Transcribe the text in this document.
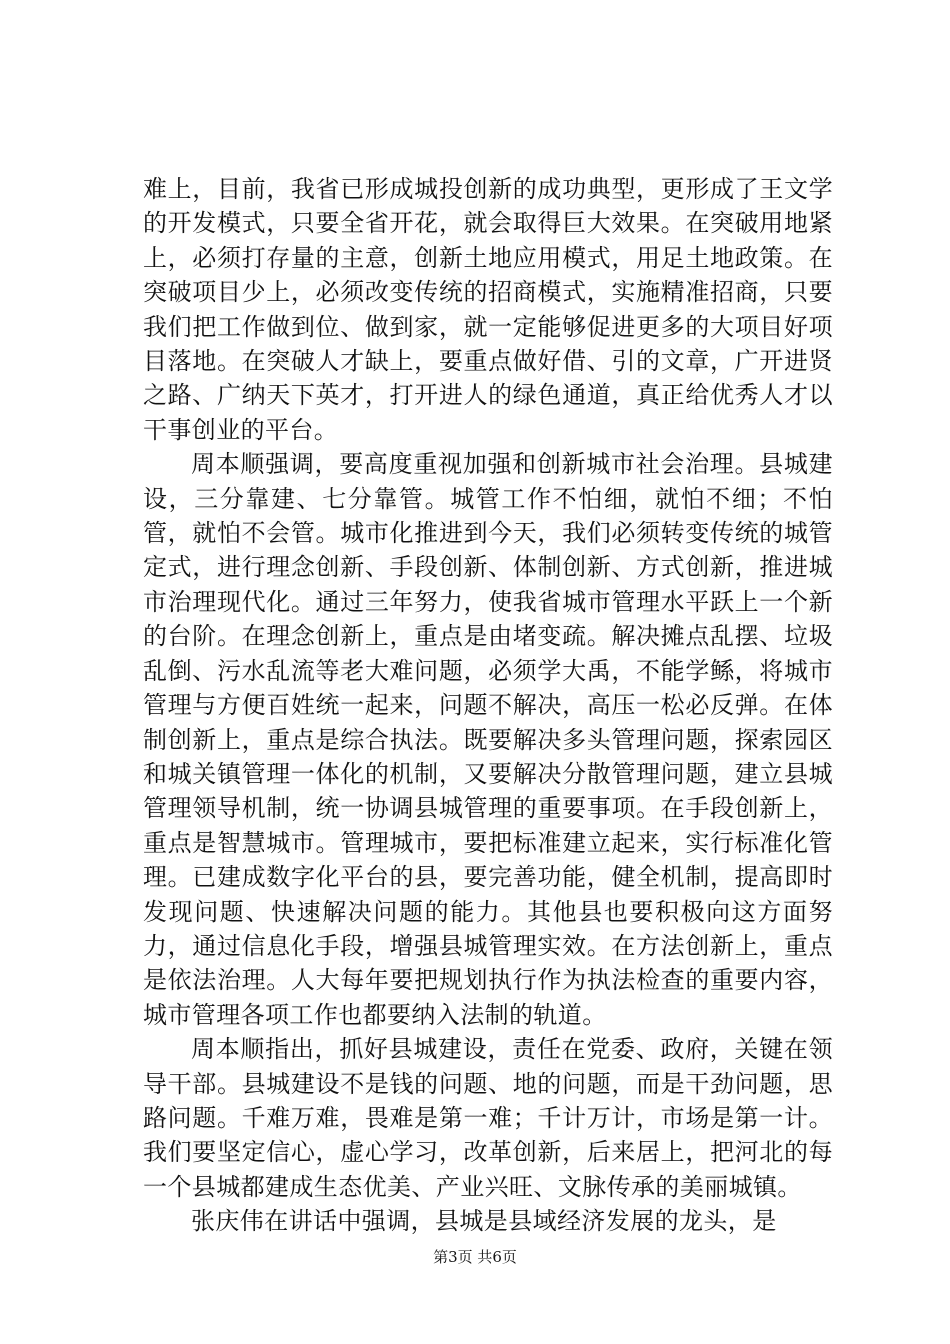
难上，目前，我省已形成城投创新的成功典型，更形成了王文学的开发模式，只要全省开花，就会取得巨大效果。在突破用地紧上，必须打存量的主意，创新土地应用模式，用足土地政策。在突破项目少上，必须改变传统的招商模式，实施精准招商，只要我们把工作做到位、做到家，就一定能够促进更多的大项目好项目落地。在突破人才缺上，要重点做好借、引的文章，广开进贤之路、广纳天下英才，打开进人的绿色通道，真正给优秀人才以干事创业的平台。

周本顺强调，要高度重视加强和创新城市社会治理。县城建设，三分靠建、七分靠管。城管工作不怕细，就怕不细；不怕管，就怕不会管。城市化推进到今天，我们必须转变传统的城管定式，进行理念创新、手段创新、体制创新、方式创新，推进城市治理现代化。通过三年努力，使我省城市管理水平跃上一个新的台阶。在理念创新上，重点是由堵变疏。解决摊点乱摆、垃圾乱倒、污水乱流等老大难问题，必须学大禹，不能学鲧，将城市管理与方便百姓统一起来，问题不解决，高压一松必反弹。在体制创新上，重点是综合执法。既要解决多头管理问题，探索园区和城关镇管理一体化的机制，又要解决分散管理问题，建立县城管理领导机制，统一协调县城管理的重要事项。在手段创新上，重点是智慧城市。管理城市，要把标准建立起来，实行标准化管理。已建成数字化平台的县，要完善功能，健全机制，提高即时发现问题、快速解决问题的能力。其他县也要积极向这方面努力，通过信息化手段，增强县城管理实效。在方法创新上，重点是依法治理。人大每年要把规划执行作为执法检查的重要内容，城市管理各项工作也都要纳入法制的轨道。

周本顺指出，抓好县城建设，责任在党委、政府，关键在领导干部。县城建设不是钱的问题、地的问题，而是干劲问题，思路问题。千难万难，畏难是第一难；千计万计，市场是第一计。我们要坚定信心，虚心学习，改革创新，后来居上，把河北的每一个县城都建成生态优美、产业兴旺、文脉传承的美丽城镇。

张庆伟在讲话中强调，县城是县域经济发展的龙头，是

第3页 共6页
